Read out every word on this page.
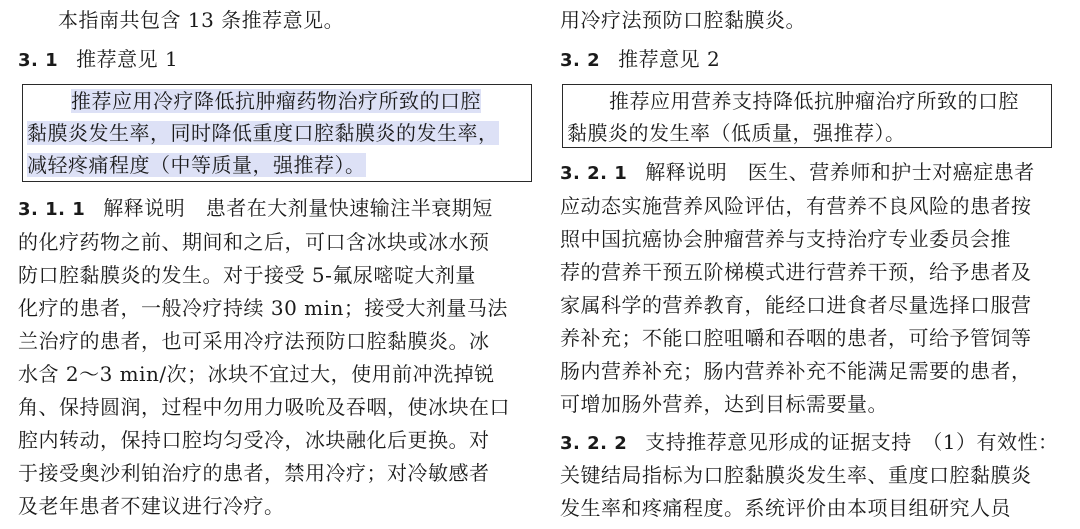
本指南共包含 13 条推荐意见。
3. 1 推荐意见 1
推荐应用冷疗降低抗肿瘤药物治疗所致的口腔
黏膜炎发生率，同时降低重度口腔黏膜炎的发生率，
减轻疼痛程度（中等质量，强推荐）。
3. 1. 1 解释说明　患者在大剂量快速输注半衰期短
的化疗药物之前、期间和之后，可口含冰块或冰水预
防口腔黏膜炎的发生。对于接受 5-氟尿嘧啶大剂量
化疗的患者，一般冷疗持续 30 min；接受大剂量马法
兰治疗的患者，也可采用冷疗法预防口腔黏膜炎。冰
水含 2～3 min/次；冰块不宜过大，使用前冲洗掉锐
角、保持圆润，过程中勿用力吸吮及吞咽，使冰块在口
腔内转动，保持口腔均匀受冷，冰块融化后更换。对
于接受奥沙利铂治疗的患者，禁用冷疗；对冷敏感者
及老年患者不建议进行冷疗。
用冷疗法预防口腔黏膜炎。
3. 2 推荐意见 2
推荐应用营养支持降低抗肿瘤治疗所致的口腔
黏膜炎的发生率（低质量，强推荐）。
3. 2. 1 解释说明　医生、营养师和护士对癌症患者
应动态实施营养风险评估，有营养不良风险的患者按
照中国抗癌协会肿瘤营养与支持治疗专业委员会推
荐的营养干预五阶梯模式进行营养干预，给予患者及
家属科学的营养教育，能经口进食者尽量选择口服营
养补充；不能口腔咀嚼和吞咽的患者，可给予管饲等
肠内营养补充；肠内营养补充不能满足需要的患者，
可增加肠外营养，达到目标需要量。
3. 2. 2 支持推荐意见形成的证据支持　（1）有效性：
关键结局指标为口腔黏膜炎发生率、重度口腔黏膜炎
发生率和疼痛程度。系统评价由本项目组研究人员
